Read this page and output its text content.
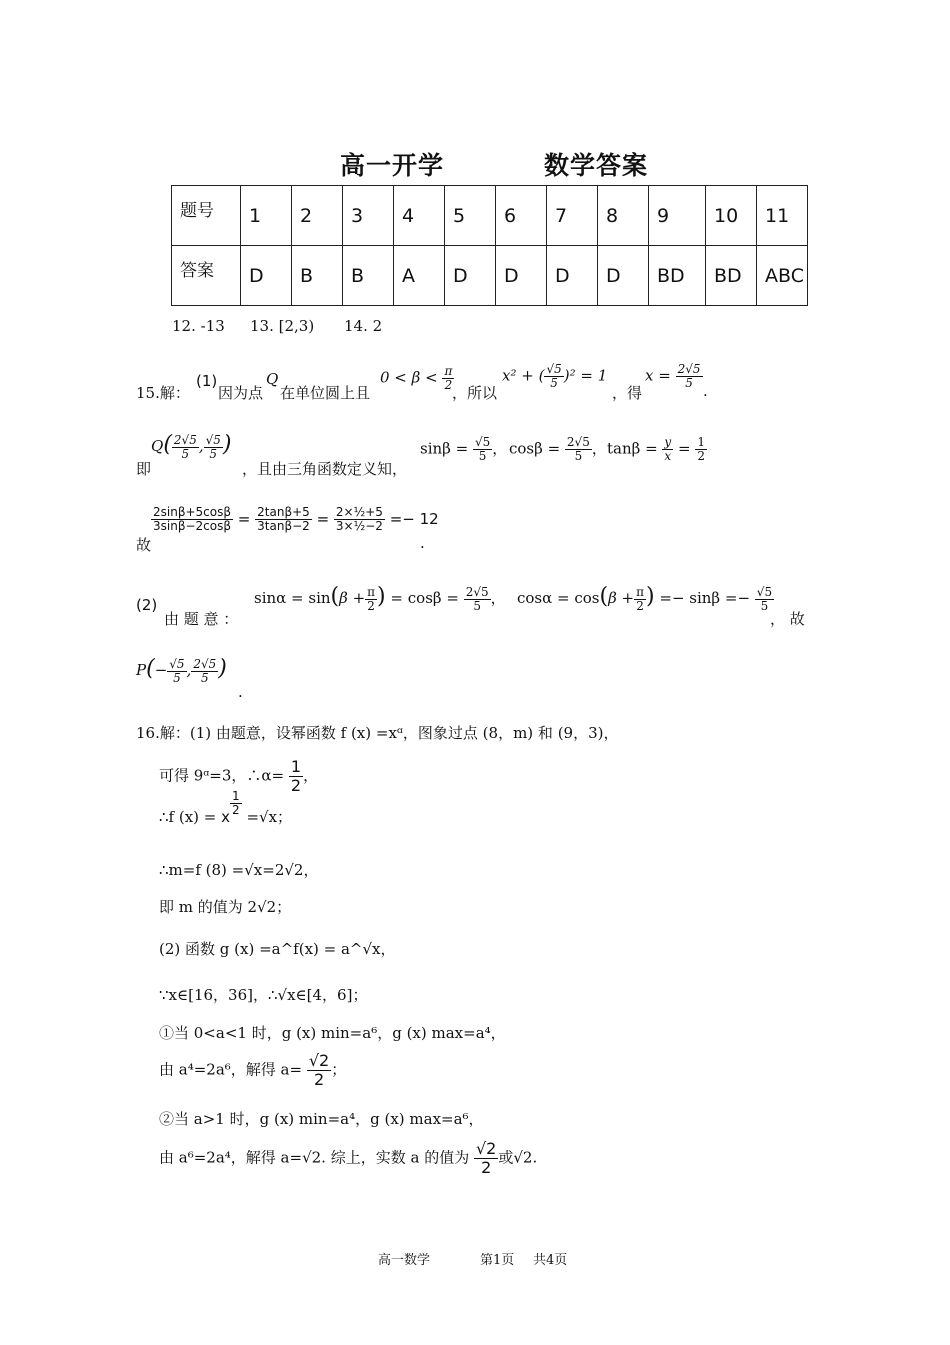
高一开学	数学答案
题号	1	2	3	4	5	6	7	8	9	10	11
答案	D	B	B	A	D	D	D	D	BD	BD	ABC
12. -13 13. [2,3) 14. 2
15.解：
(1)
因为点
Q
在单位圆上且
$0 < \beta < \frac{\pi}{2}$
，所以
x² + ( $\frac{√5}{5} )^2 = 1$
，得
$x = \frac{2√5}{5}$
.
即
$Q( \frac{2√5}{5}$ , $\frac{√5}{5}$ )
，且由三角函数定义知，
$\sin\beta = \frac{√5}{5}$ ， $\cos\beta = \frac{2√5}{5}$ ， $\tan\beta = \frac{y}{x} = \frac{1}{2}$
故
$\frac{2\sin\beta+5\cos\beta}{3\sin\beta-2\cos\beta} = \frac{2\tan\beta+5}{3\tan\beta-2} = \frac{\text{2×½+5}}{\text{3×½−2}} =- 12$
.
(2)
由 题 意 ：
$\sin\alpha = \sin(\beta + \frac{\pi}{2}$ ) = $\cos\beta = \frac{2√5}{5}$ ， $\cos\alpha = \cos(\beta + \frac{\pi}{2}$ ) =− $\sin\beta =- \frac{√5}{5}$
， 故
$P(- \frac{√5}{5}$ , $\frac{2√5}{5}$ )
.
16.解：(1) 由题意，设幂函数 f (x) =xᵅ，图象过点 (8，m) 和 (9，3)，
可得 9ᵅ=3，∴α= $\frac{1}{2}$ ，
∴f (x) = x $\frac{1}{2} =√x$；
∴m=f (8) =√x=2√2，
即 m 的值为 2√2；
(2) 函数 g (x) =a^f(x) = a^√x，
∵x∈[16，36]，∴√x∈[4，6]；
①当 0<a<1 时，g (x) min=a⁶，g (x) max=a⁴，
由 a⁴=2a⁶，解得 $a= \frac{√2}{2}$ ；
②当 a>1 时，g (x) min=a⁴，g (x) max=a⁶，
由 a⁶=2a⁴，解得 a=√2. 综上，实数 a 的值为 $\frac{√2}{2}$ 或√2.
高一数学	第1页 共4页
